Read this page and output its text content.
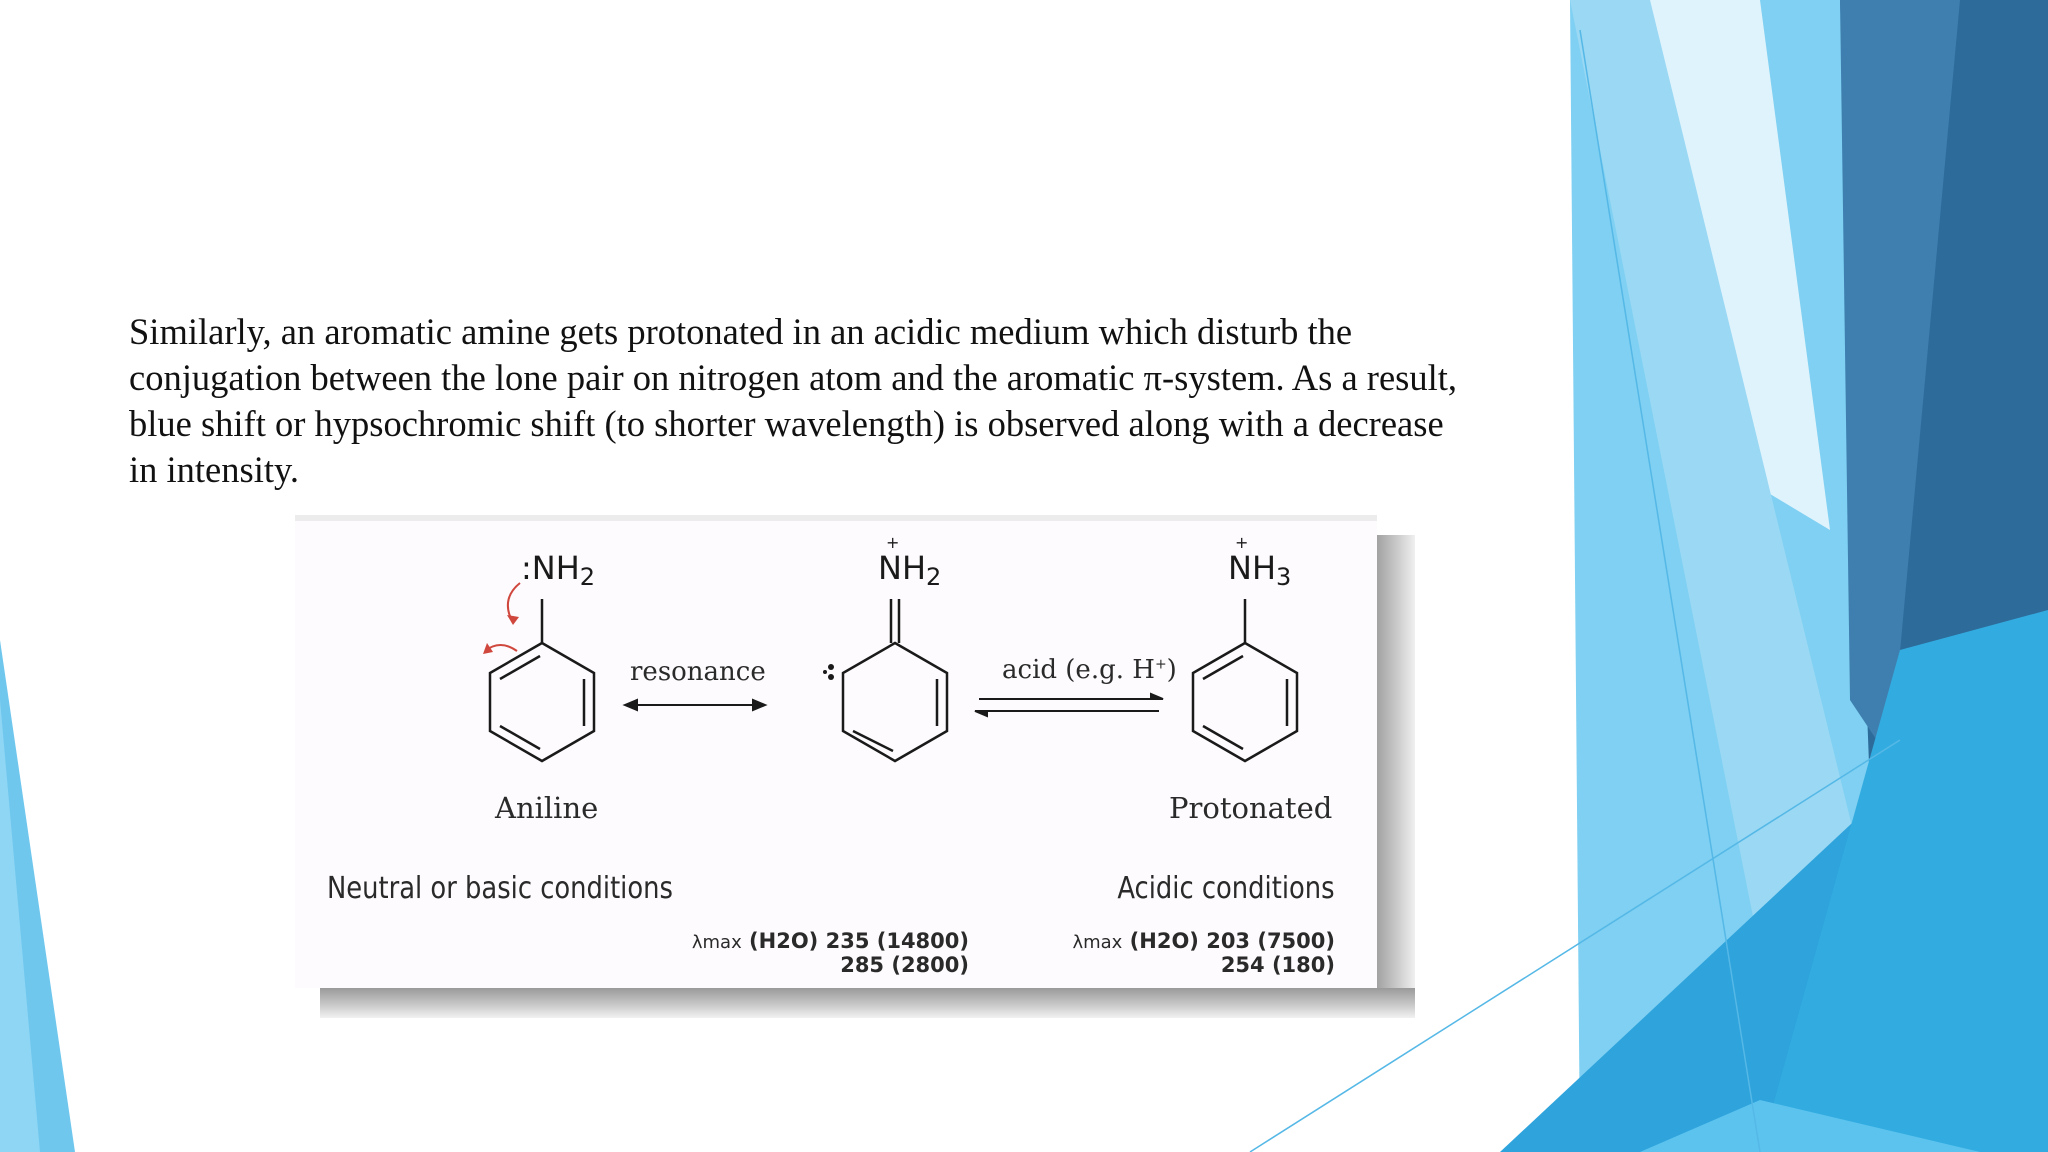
Similarly, an aromatic amine gets protonated in an acidic medium which disturb the
conjugation between the lone pair on nitrogen atom and the aromatic π-system. As a result,
blue shift or hypsochromic shift (to shorter wavelength) is observed along with a decrease
in intensity.

$:NH_2$
+
$NH_2$
+
$NH_3$
resonance	acid (e.g. H+)
Aniline	Protonated
Neutral or basic conditions	Acidic conditions
λmax (H2O) 235 (14800)
285 (2800)
λmax (H2O) 203 (7500)
254 (180)
